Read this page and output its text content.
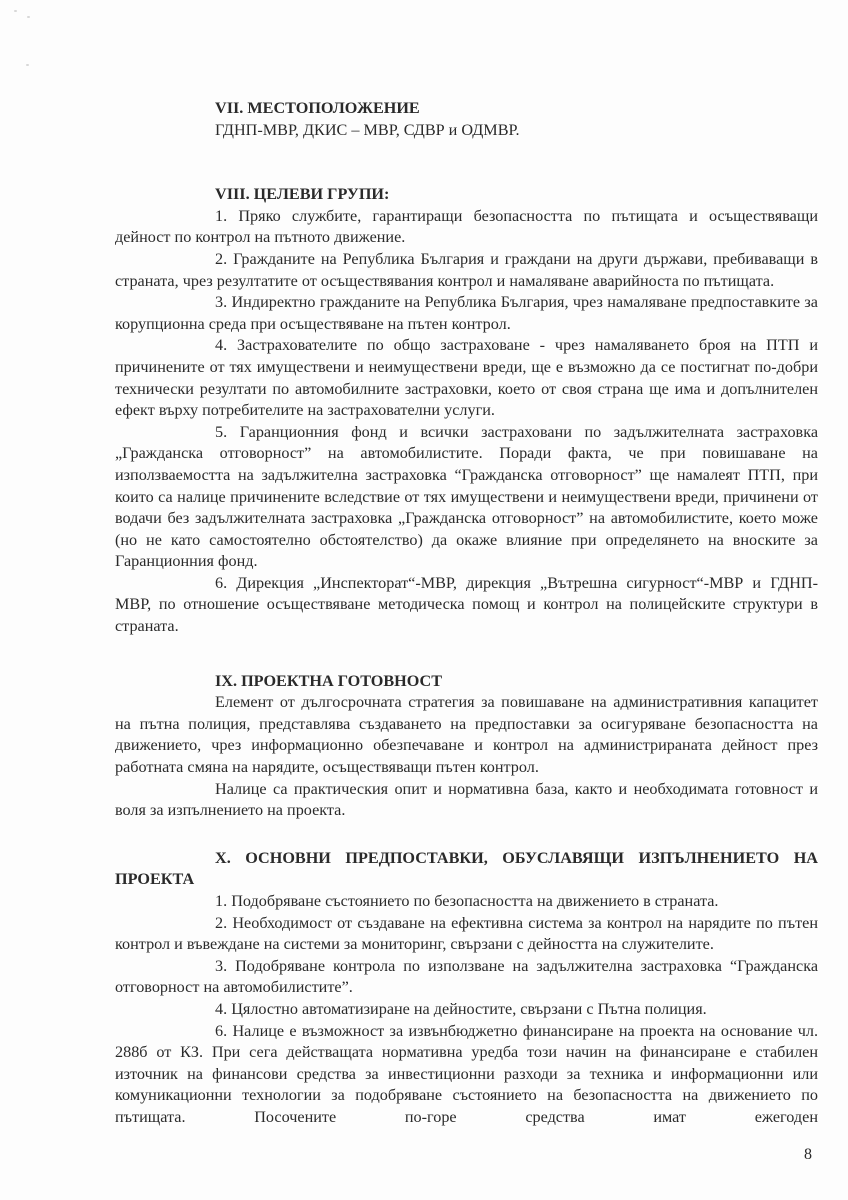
VII. МЕСТОПОЛОЖЕНИЕ
ГДНП-МВР, ДКИС – МВР, СДВР и ОДМВР.
VIII. ЦЕЛЕВИ ГРУПИ:

1. Пряко службите, гарантиращи безопасността по пътищата и осъществяващи дейност по контрол на пътното движение.

2. Гражданите на Република България и граждани на други държави, пребиваващи в страната, чрез резултатите от осъществявания контрол и намаляване аварийноста по пътищата.

3. Индиректно гражданите на Република България, чрез намаляване предпоставките за корупционна среда при осъществяване на пътен контрол.

4. Застрахователите по общо застраховане - чрез намаляването броя на ПТП и причинените от тях имуществени и неимуществени вреди, ще е възможно да се постигнат по-добри технически резултати по автомобилните застраховки, което от своя страна ще има и допълнителен ефект върху потребителите на застрахователни услуги.

5. Гаранционния фонд и всички застраховани по задължителната застраховка „Гражданска отговорност” на автомобилистите. Поради факта, че при повишаване на използваемостта на задължителна застраховка “Гражданска отговорност” ще намалеят ПТП, при които са налице причинените вследствие от тях имуществени и неимуществени вреди, причинени от водачи без задължителната застраховка „Гражданска отговорност” на автомобилистите, което може (но не като самостоятелно обстоятелство) да окаже влияние при определянето на вноските за Гаранционния фонд.

6. Дирекция „Инспекторат“-МВР, дирекция „Вътрешна сигурност“-МВР и ГДНП-МВР, по отношение осъществяване методическа помощ и контрол на полицейските структури в страната.

IX. ПРОЕКТНА ГОТОВНОСТ

Елемент от дългосрочната стратегия за повишаване на административния капацитет на пътна полиция, представлява създаването на предпоставки за осигуряване безопасността на движението, чрез информационно обезпечаване и контрол на администрираната дейност през работната смяна на нарядите, осъществяващи пътен контрол.

Налице са практическия опит и нормативна база, както и необходимата готовност и воля за изпълнението на проекта.

X. ОСНОВНИ ПРЕДПОСТАВКИ, ОБУСЛАВЯЩИ ИЗПЪЛНЕНИЕТО НА ПРОЕКТА

1. Подобряване състоянието по безопасността на движението в страната.

2. Необходимост от създаване на ефективна система за контрол на нарядите по пътен контрол и въвеждане на системи за мониторинг, свързани с дейността на служителите.

3. Подобряване контрола по използване на задължителна застраховка “Гражданска отговорност на автомобилистите”.

4. Цялостно автоматизиране на дейностите, свързани с Пътна полиция.

6. Налице е възможност за извънбюджетно финансиране на проекта на основание чл. 288б от КЗ. При сега действащата нормативна уредба този начин на финансиране е стабилен източник на финансови средства за инвестиционни разходи за техника и информационни или комуникационни технологии за подобряване състоянието на безопасността на движението по пътищата. Посочените по-горе средства имат ежегоден

8
